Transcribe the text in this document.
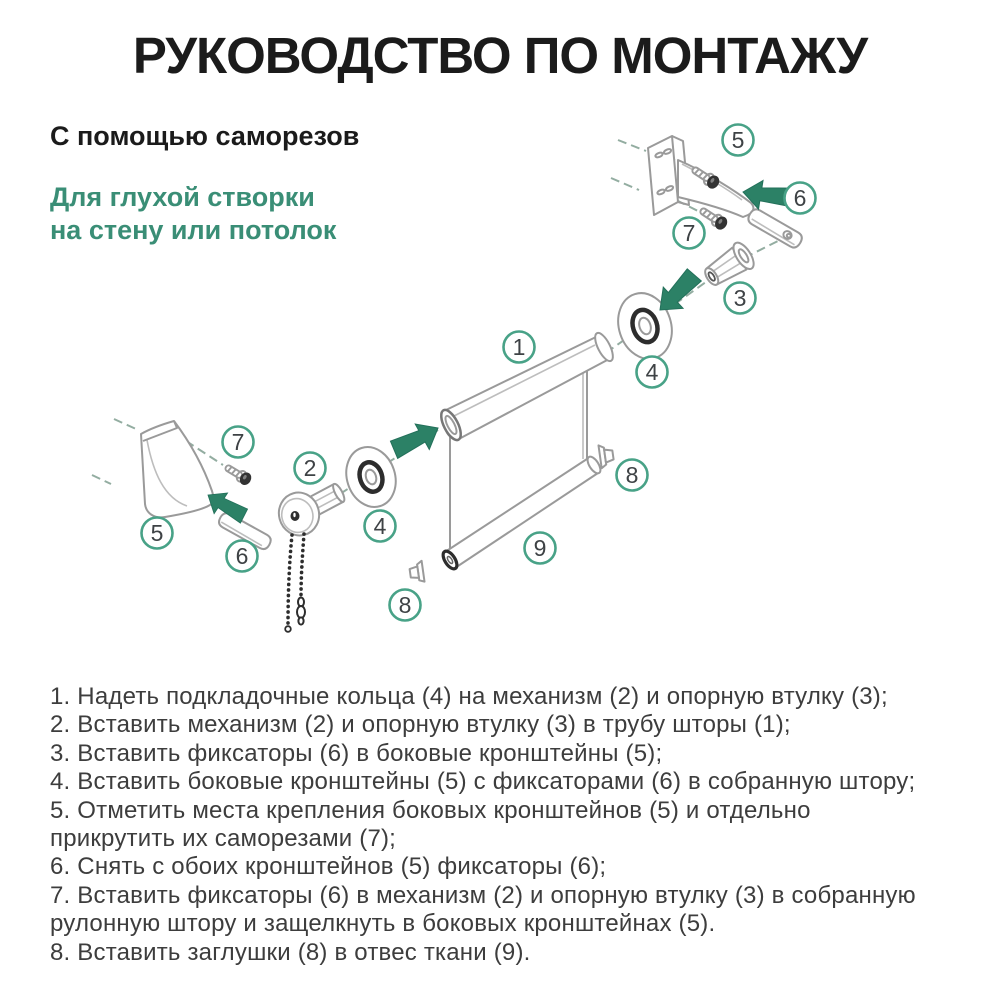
РУКОВОДСТВО ПО МОНТАЖУ
С помощью саморезов
Для глухой створки
на стену или потолок
1
2
3
4
4
5
5
6
6
7
7
8
8
9
1. Надеть подкладочные кольца (4) на механизм (2) и опорную втулку (3);
2. Вставить механизм (2) и опорную втулку (3) в трубу шторы (1);
3. Вставить фиксаторы (6) в боковые кронштейны (5);
4. Вставить боковые кронштейны (5) с фиксаторами (6) в собранную штору;
5. Отметить места крепления боковых кронштейнов (5) и отдельно
прикрутить их саморезами (7);
6. Снять с обоих кронштейнов (5) фиксаторы (6);
7. Вставить фиксаторы (6) в механизм (2) и опорную втулку (3) в собранную
рулонную штору и защелкнуть в боковых кронштейнах (5).
8. Вставить заглушки (8) в отвес ткани (9).
